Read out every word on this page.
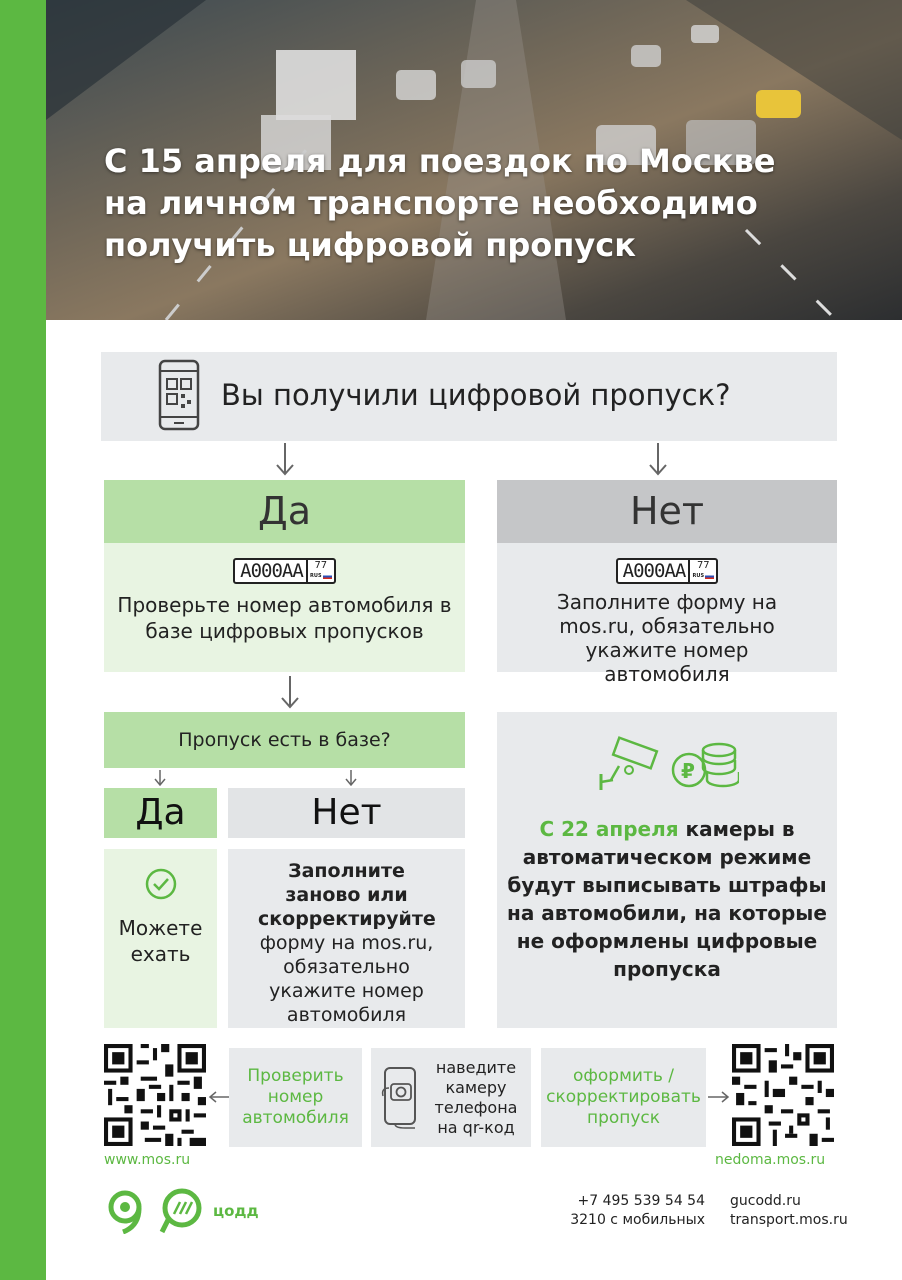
С 15 апреля для поездок по Москве на личном транспорте необходимо получить цифровой пропуск
Вы получили цифровой пропуск?
Да
А000АА	77
RUS
Проверьте номер автомобиля в базе цифровых пропусков
Нет
А000АА	77
RUS
Заполните форму на mos.ru, обязательно укажите номер автомобиля
Пропуск есть в базе?
Да	Нет
Можете ехать
Заполните заново или скорректируйте
форму на mos.ru, обязательно укажите номер автомобиля
₽
С 22 апреля камеры в автоматическом режиме будут выписывать штрафы на автомобили, на которые не оформлены цифровые пропуска
Проверить номер автомобиля
наведите камеру телефона на qr-код
оформить / скорректировать пропуск
www.mos.ru	nedoma.mos.ru
цодд
+7 495 539 54 54
3210 с мобильных
gucodd.ru
transport.mos.ru
